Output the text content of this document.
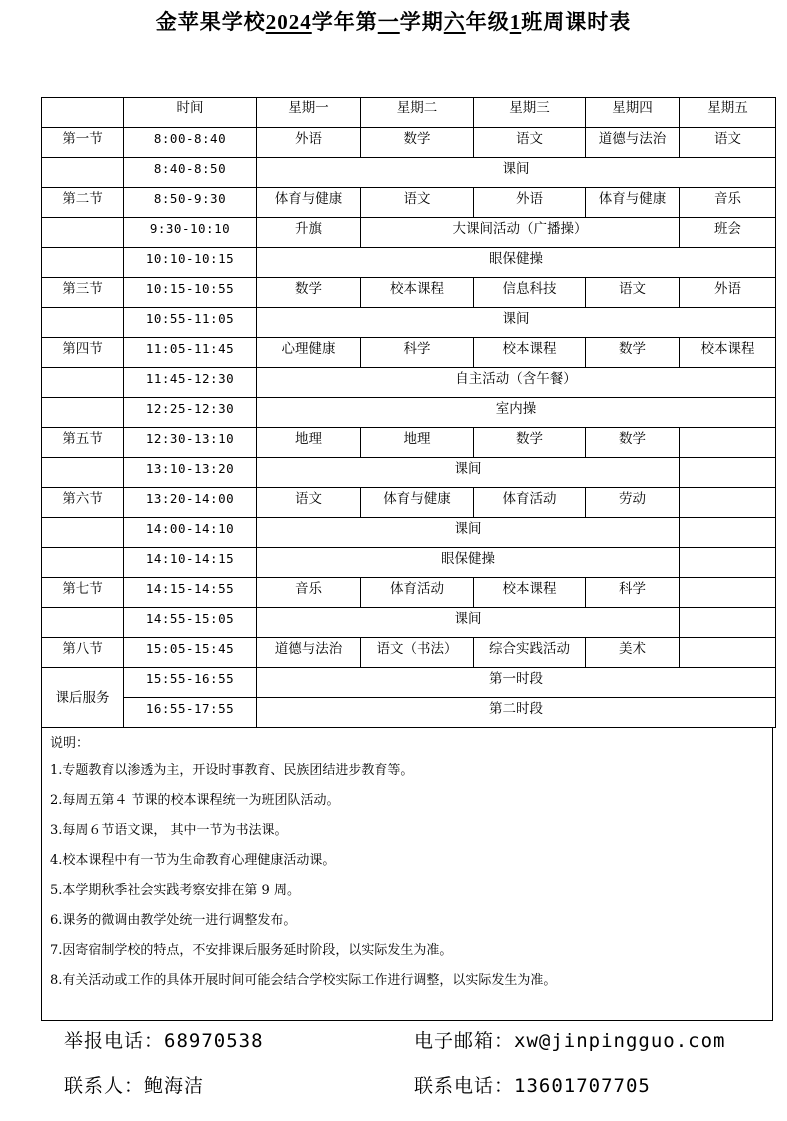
金苹果学校2024学年第一学期六年级1班周课时表
	时间	星期一	星期二	星期三	星期四	星期五
第一节	8:00-8:40	外语	数学	语文	道德与法治	语文
	8:40-8:50	课间				
第二节	8:50-9:30	体育与健康	语文	外语	体育与健康	音乐
	9:30-10:10	升旗	大课间活动（广播操）			班会
	10:10-10:15	眼保健操				
第三节	10:15-10:55	数学	校本课程	信息科技	语文	外语
	10:55-11:05	课间				
第四节	11:05-11:45	心理健康	科学	校本课程	数学	校本课程
	11:45-12:30	自主活动（含午餐）				
	12:25-12:30	室内操				
第五节	12:30-13:10	地理	地理	数学	数学	
	13:10-13:20	课间				
第六节	13:20-14:00	语文	体育与健康	体育活动	劳动	
	14:00-14:10	课间				
	14:10-14:15	眼保健操				
第七节	14:15-14:55	音乐	体育活动	校本课程	科学	
	14:55-15:05	课间				
第八节	15:05-15:45	道德与法治	语文（书法）	综合实践活动	美术	
课后服务	15:55-16:55	第一时段				
	16:55-17:55	第二时段				
说明：
1.专题教育以渗透为主，开设时事教育、民族团结进步教育等。
2.每周五第４ 节课的校本课程统一为班团队活动。
3.每周６节语文课， 其中一节为书法课。
4.校本课程中有一节为生命教育心理健康活动课。
5.本学期秋季社会实践考察安排在第 9 周。
6.课务的微调由教学处统一进行调整发布。
7.因寄宿制学校的特点，不安排课后服务延时阶段，以实际发生为准。
8.有关活动或工作的具体开展时间可能会结合学校实际工作进行调整，以实际发生为准。
举报电话：68970538	电子邮箱：xw@jinpingguo.com
联系人：鲍海洁	联系电话：13601707705
